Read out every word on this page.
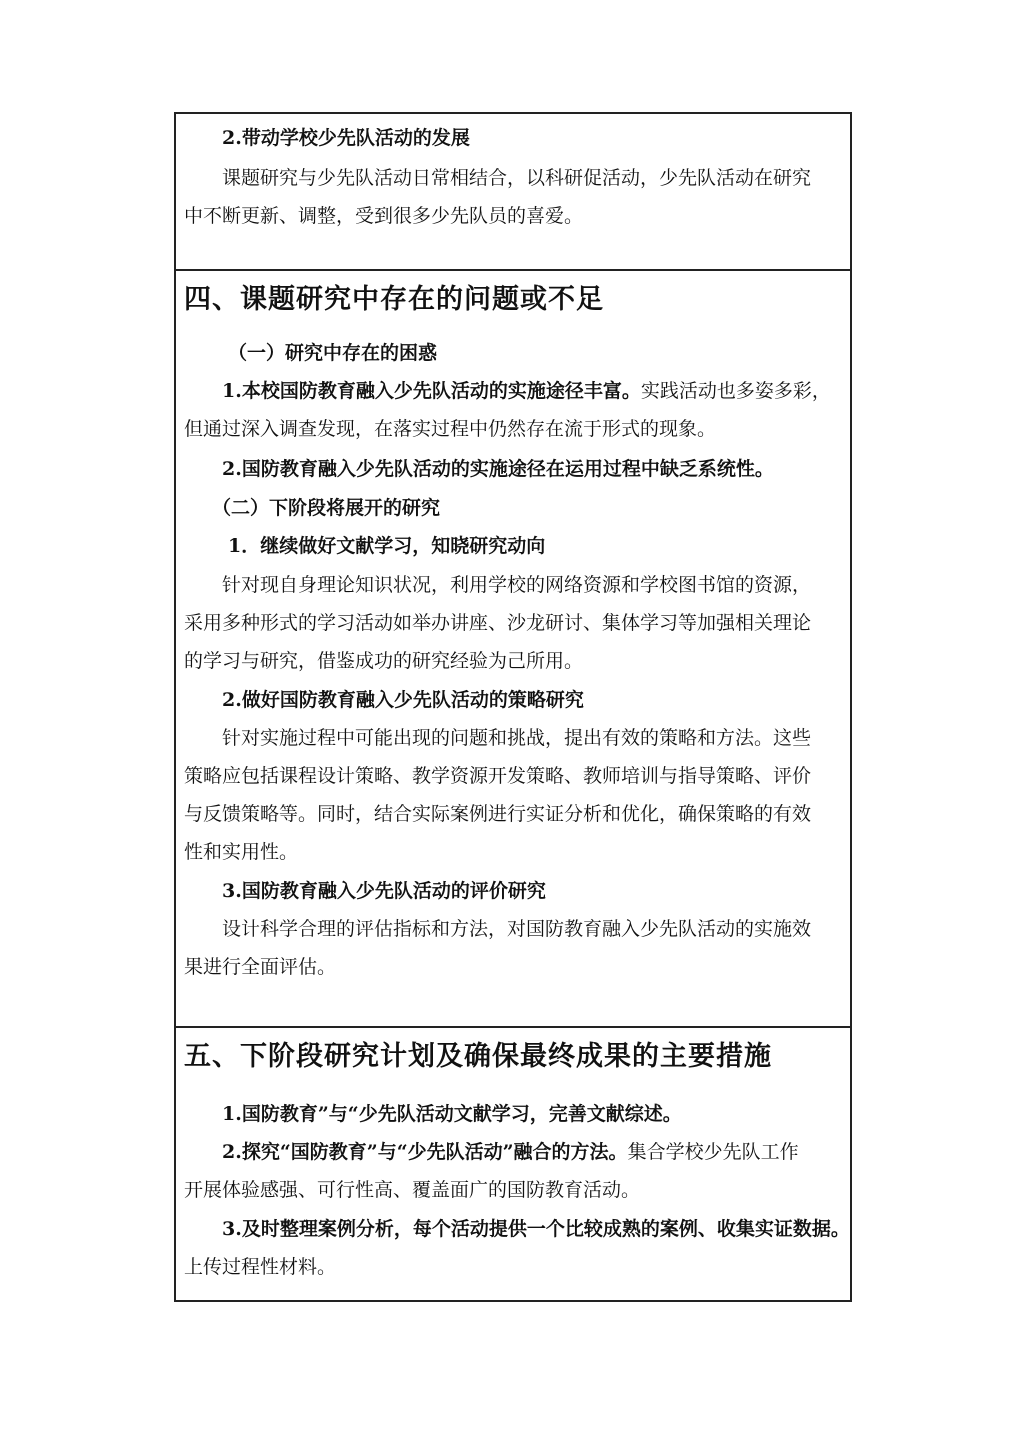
2.带动学校少先队活动的发展
课题研究与少先队活动日常相结合，以科研促活动，少先队活动在研究
中不断更新、调整，受到很多少先队员的喜爱。
四、课题研究中存在的问题或不足
（一）研究中存在的困惑
1.本校国防教育融入少先队活动的实施途径丰富。实践活动也多姿多彩，
但通过深入调查发现，在落实过程中仍然存在流于形式的现象。
2.国防教育融入少先队活动的实施途径在运用过程中缺乏系统性。
（二）下阶段将展开的研究
1．继续做好文献学习，知晓研究动向
针对现自身理论知识状况，利用学校的网络资源和学校图书馆的资源，
采用多种形式的学习活动如举办讲座、沙龙研讨、集体学习等加强相关理论
的学习与研究，借鉴成功的研究经验为己所用。
2.做好国防教育融入少先队活动的策略研究
针对实施过程中可能出现的问题和挑战，提出有效的策略和方法。这些
策略应包括课程设计策略、教学资源开发策略、教师培训与指导策略、评价
与反馈策略等。同时，结合实际案例进行实证分析和优化，确保策略的有效
性和实用性。
3.国防教育融入少先队活动的评价研究
设计科学合理的评估指标和方法，对国防教育融入少先队活动的实施效
果进行全面评估。
五、下阶段研究计划及确保最终成果的主要措施
1.国防教育”与“少先队活动文献学习，完善文献综述。
2.探究“国防教育”与“少先队活动”融合的方法。集合学校少先队工作
开展体验感强、可行性高、覆盖面广的国防教育活动。
3.及时整理案例分析，每个活动提供一个比较成熟的案例、收集实证数据。
上传过程性材料。
